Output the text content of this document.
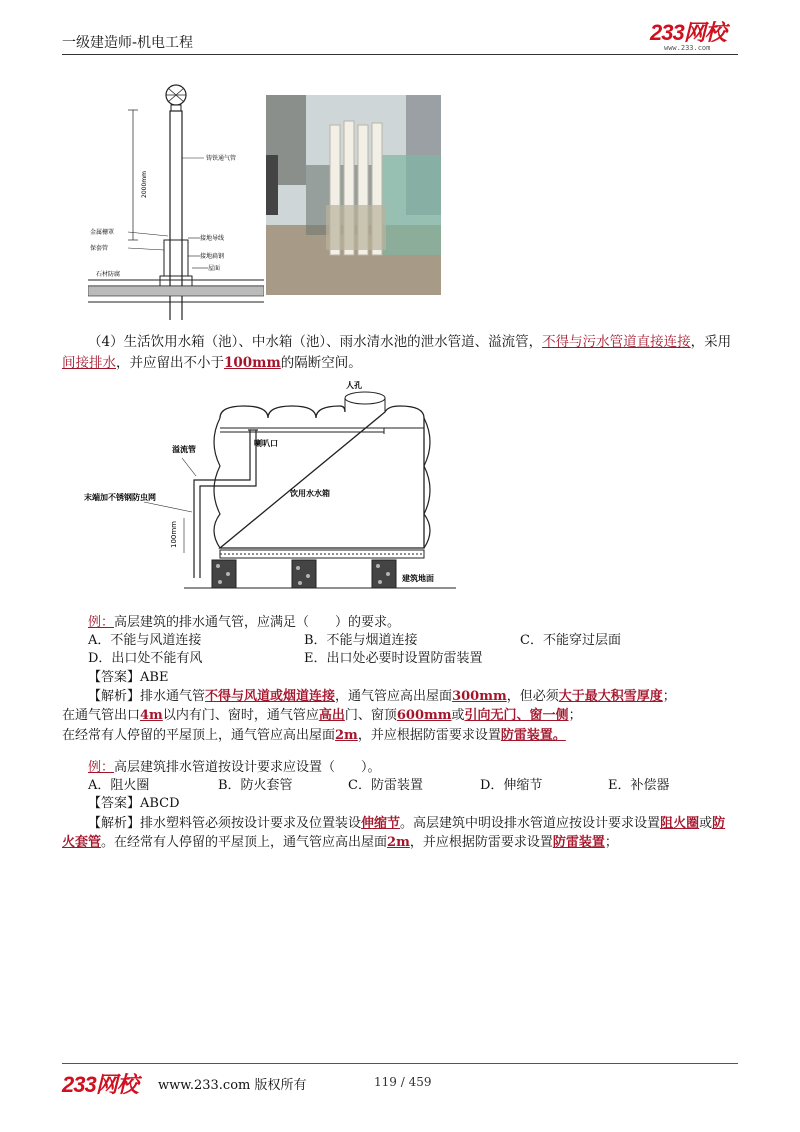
一级建造师-机电工程	233网校
www.233.com
2000mm
铸铁通气管
金属栅罩
保套管
接地导线
接地扁钢
屋面
石材防腐
（4）生活饮用水箱（池）、中水箱（池）、雨水清水池的泄水管道、溢流管，不得与污水管道直接连接，采用间接排水，并应留出不小于100mm的隔断空间。
人孔
喇叭口
溢流管
末端加不锈钢防虫网	饮用水水箱
100mm
建筑地面
例：高层建筑的排水通气管，应满足（　　）的要求。
A．不能与风道连接	B．不能与烟道连接	C．不能穿过层面
D．出口处不能有风	E．出口处必要时设置防雷装置
【答案】ABE
【解析】排水通气管不得与风道或烟道连接，通气管应高出屋面300mm，但必须大于最大积雪厚度；
在通气管出口4m以内有门、窗时，通气管应高出门、窗顶600mm或引向无门、窗一侧；
在经常有人停留的平屋顶上，通气管应高出屋面2m，并应根据防雷要求设置防雷装置。
例：高层建筑排水管道按设计要求应设置（　　）。
A．阻火圈	B．防火套管	C．防雷装置	D．伸缩节	E．补偿器
【答案】ABCD
【解析】排水塑料管必须按设计要求及位置装设伸缩节。高层建筑中明设排水管道应按设计要求设置阻火圈或防火套管。在经常有人停留的平屋顶上，通气管应高出屋面2m，并应根据防雷要求设置防雷装置；
233网校 www.233.com 版权所有	119 / 459
